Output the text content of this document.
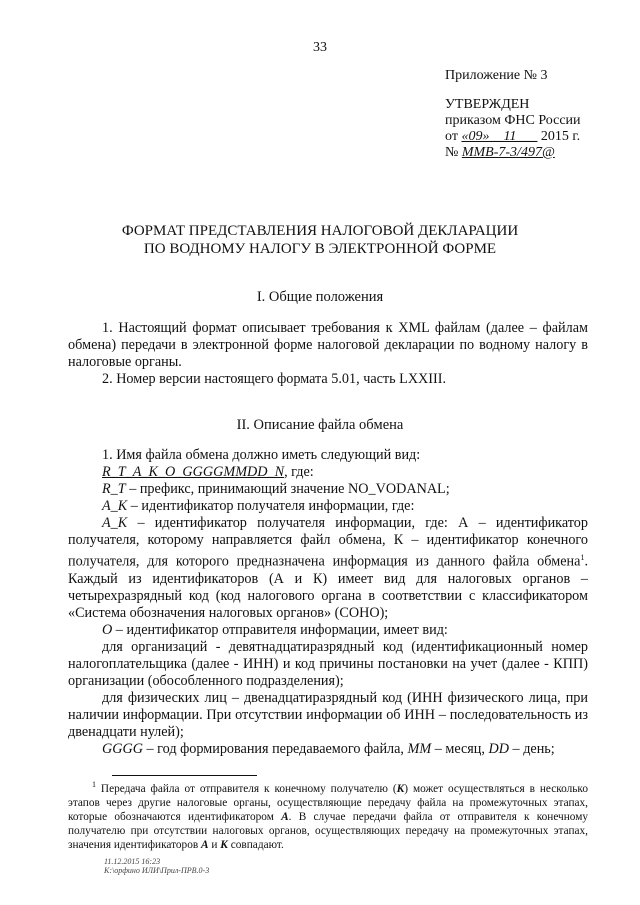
33
Приложение № 3
УТВЕРЖДЕН
приказом ФНС России
от «09»__11___ 2015 г.
№ ММВ-7-3/497@
ФОРМАТ ПРЕДСТАВЛЕНИЯ НАЛОГОВОЙ ДЕКЛАРАЦИИ
ПО ВОДНОМУ НАЛОГУ В ЭЛЕКТРОННОЙ ФОРМЕ
I. Общие положения

1. Настоящий формат описывает требования к XML файлам (далее – файлам обмена) передачи в электронной форме налоговой декларации по водному налогу в налоговые органы.

2. Номер версии настоящего формата 5.01, часть LXXIII.

II. Описание файла обмена

1. Имя файла обмена должно иметь следующий вид:

R_T_A_K_O_GGGGMMDD_N, где:

R_T – префикс, принимающий значение NO_VODANAL;

A_K – идентификатор получателя информации, где:

A_K – идентификатор получателя информации, где: А – идентификатор получателя, которому направляется файл обмена, К – идентификатор конечного получателя, для которого предназначена информация из данного файла обмена$^1$. Каждый из идентификаторов (А и К) имеет вид для налоговых органов – четырехразрядный код (код налогового органа в соответствии с классификатором «Система обозначения налоговых органов» (СОНО);

O – идентификатор отправителя информации, имеет вид:

для организаций - девятнадцатиразрядный код (идентификационный номер налогоплательщика (далее - ИНН) и код причины постановки на учет (далее - КПП) организации (обособленного подразделения);

для физических лиц – двенадцатиразрядный код (ИНН физического лица, при наличии информации. При отсутствии информации об ИНН – последовательность из двенадцати нулей);

GGGG – год формирования передаваемого файла, MM – месяц, DD – день;

$^1$ Передача файла от отправителя к конечному получателю (К) может осуществляться в несколько этапов через другие налоговые органы, осуществляющие передачу файла на промежуточных этапах, которые обозначаются идентификатором А. В случае передачи файла от отправителя к конечному получателю при отсутствии налоговых органов, осуществляющих передачу на промежуточных этапах, значения идентификаторов А и К совпадают.

11.12.2015 16:23
К:\орфино ИЛИ\Прил-ПРВ.0-3
